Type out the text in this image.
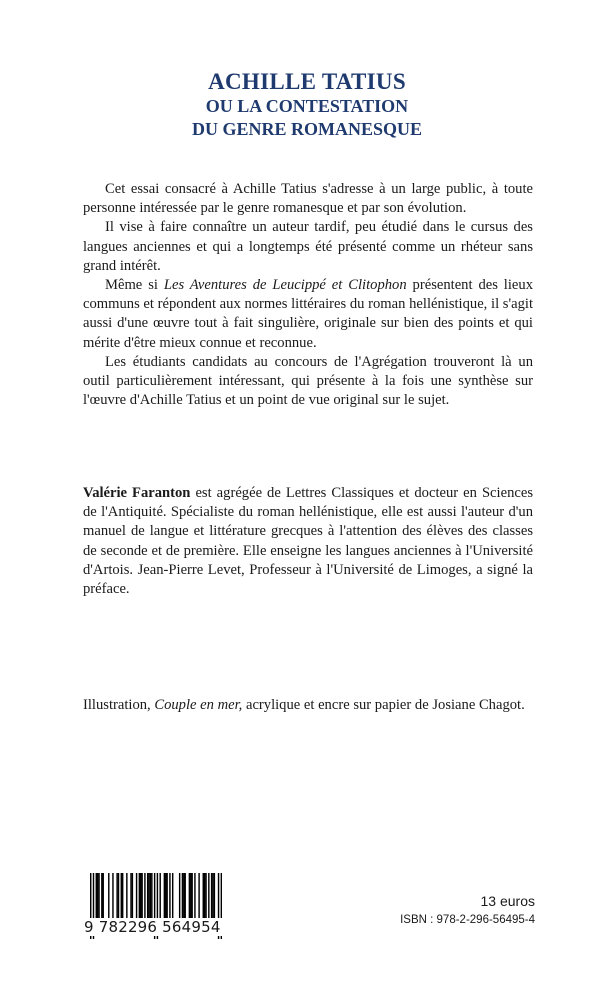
ACHILLE TATIUS
OU LA CONTESTATION
DU GENRE ROMANESQUE

Cet essai consacré à Achille Tatius s'adresse à un large public, à toute personne intéressée par le genre romanesque et par son évolution.

Il vise à faire connaître un auteur tardif, peu étudié dans le cursus des langues anciennes et qui a longtemps été présenté comme un rhéteur sans grand intérêt.

Même si Les Aventures de Leucippé et Clitophon présentent des lieux communs et répondent aux normes littéraires du roman hellénistique, il s'agit aussi d'une œuvre tout à fait singulière, originale sur bien des points et qui mérite d'être mieux connue et reconnue.

Les étudiants candidats au concours de l'Agrégation trouveront là un outil particulièrement intéressant, qui présente à la fois une synthèse sur l'œuvre d'Achille Tatius et un point de vue original sur le sujet.

Valérie Faranton est agrégée de Lettres Classiques et docteur en Sciences de l'Antiquité. Spécialiste du roman hellénistique, elle est aussi l'auteur d'un manuel de langue et littérature grecques à l'attention des élèves des classes de seconde et de première. Elle enseigne les langues anciennes à l'Université d'Artois. Jean-Pierre Levet, Professeur à l'Université de Limoges, a signé la préface.

Illustration, Couple en mer, acrylique et encre sur papier de Josiane Chagot.
9 782296 564954
13 euros
ISBN : 978-2-296-56495-4
